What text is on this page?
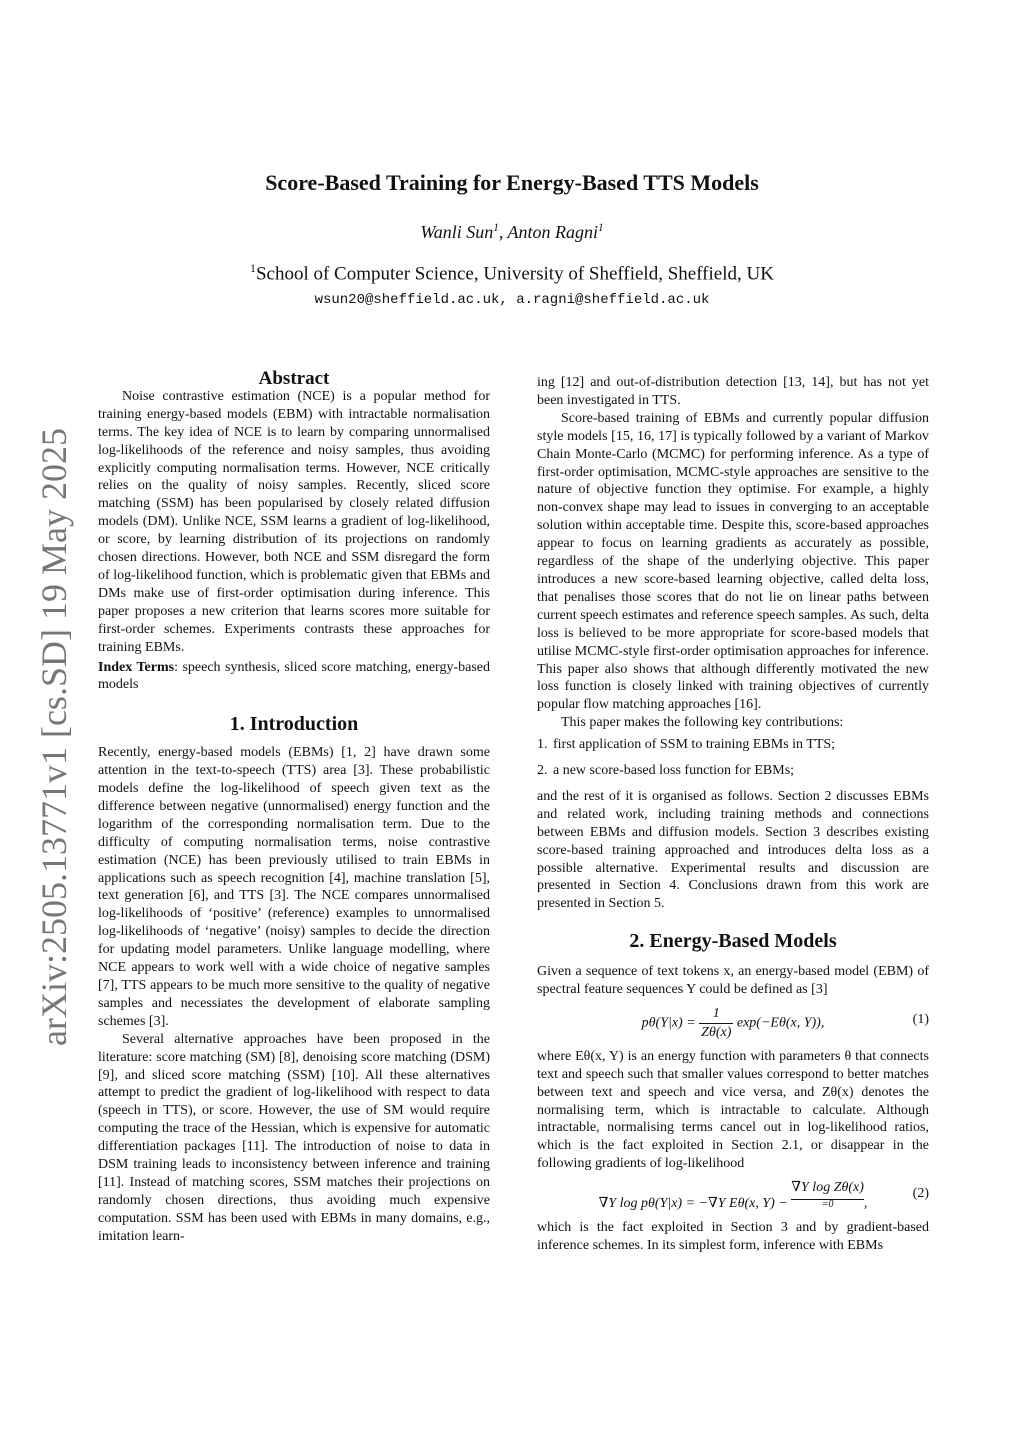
arXiv:2505.13771v1 [cs.SD] 19 May 2025
Score-Based Training for Energy-Based TTS Models
Wanli Sun$^1$, Anton Ragni$^1$
$^1$School of Computer Science, University of Sheffield, Sheffield, UK
wsun20@sheffield.ac.uk, a.ragni@sheffield.ac.uk

Abstract

Noise contrastive estimation (NCE) is a popular method for training energy-based models (EBM) with intractable normalisation terms. The key idea of NCE is to learn by comparing unnormalised log-likelihoods of the reference and noisy samples, thus avoiding explicitly computing normalisation terms. However, NCE critically relies on the quality of noisy samples. Recently, sliced score matching (SSM) has been popularised by closely related diffusion models (DM). Unlike NCE, SSM learns a gradient of log-likelihood, or score, by learning distribution of its projections on randomly chosen directions. However, both NCE and SSM disregard the form of log-likelihood function, which is problematic given that EBMs and DMs make use of first-order optimisation during inference. This paper proposes a new criterion that learns scores more suitable for first-order schemes. Experiments contrasts these approaches for training EBMs.

Index Terms: speech synthesis, sliced score matching, energy-based models

1. Introduction

Recently, energy-based models (EBMs) [1, 2] have drawn some attention in the text-to-speech (TTS) area [3]. These probabilistic models define the log-likelihood of speech given text as the difference between negative (unnormalised) energy function and the logarithm of the corresponding normalisation term. Due to the difficulty of computing normalisation terms, noise contrastive estimation (NCE) has been previously utilised to train EBMs in applications such as speech recognition [4], machine translation [5], text generation [6], and TTS [3]. The NCE compares unnormalised log-likelihoods of ‘positive’ (reference) examples to unnormalised log-likelihoods of ‘negative’ (noisy) samples to decide the direction for updating model parameters. Unlike language modelling, where NCE appears to work well with a wide choice of negative samples [7], TTS appears to be much more sensitive to the quality of negative samples and necessiates the development of elaborate sampling schemes [3].

Several alternative approaches have been proposed in the literature: score matching (SM) [8], denoising score matching (DSM) [9], and sliced score matching (SSM) [10]. All these alternatives attempt to predict the gradient of log-likelihood with respect to data (speech in TTS), or score. However, the use of SM would require computing the trace of the Hessian, which is expensive for automatic differentiation packages [11]. The introduction of noise to data in DSM training leads to inconsistency between inference and training [11]. Instead of matching scores, SSM matches their projections on randomly chosen directions, thus avoiding much expensive computation. SSM has been used with EBMs in many domains, e.g., imitation learn-

ing [12] and out-of-distribution detection [13, 14], but has not yet been investigated in TTS.

Score-based training of EBMs and currently popular diffusion style models [15, 16, 17] is typically followed by a variant of Markov Chain Monte-Carlo (MCMC) for performing inference. As a type of first-order optimisation, MCMC-style approaches are sensitive to the nature of objective function they optimise. For example, a highly non-convex shape may lead to issues in converging to an acceptable solution within acceptable time. Despite this, score-based approaches appear to focus on learning gradients as accurately as possible, regardless of the shape of the underlying objective. This paper introduces a new score-based learning objective, called delta loss, that penalises those scores that do not lie on linear paths between current speech estimates and reference speech samples. As such, delta loss is believed to be more appropriate for score-based models that utilise MCMC-style first-order optimisation approaches for inference. This paper also shows that although differently motivated the new loss function is closely linked with training objectives of currently popular flow matching approaches [16].

This paper makes the following key contributions:

1. first application of SSM to training EBMs in TTS;
2. a new score-based loss function for EBMs;

and the rest of it is organised as follows. Section 2 discusses EBMs and related work, including training methods and connections between EBMs and diffusion models. Section 3 describes existing score-based training approached and introduces delta loss as a possible alternative. Experimental results and discussion are presented in Section 4. Conclusions drawn from this work are presented in Section 5.

2. Energy-Based Models

Given a sequence of text tokens x, an energy-based model (EBM) of spectral feature sequences Y could be defined as [3]

$p\theta(Y|x) = \frac{1}{Z\theta(x)} \exp(-E\theta(x$, Y)),	(1)

where Eθ(x, Y) is an energy function with parameters θ that connects text and speech such that smaller values correspond to better matches between text and speech and vice versa, and Zθ(x) denotes the normalising term, which is intractable to calculate. Although intractable, normalising terms cancel out in log-likelihood ratios, which is the fact exploited in Section 2.1, or disappear in the following gradients of log-likelihood

∇Y log pθ(Y|x) = −∇Y Eθ(x, Y) − ∇Y log Zθ(x)
=0	,
(2)

which is the fact exploited in Section 3 and by gradient-based inference schemes. In its simplest form, inference with EBMs
